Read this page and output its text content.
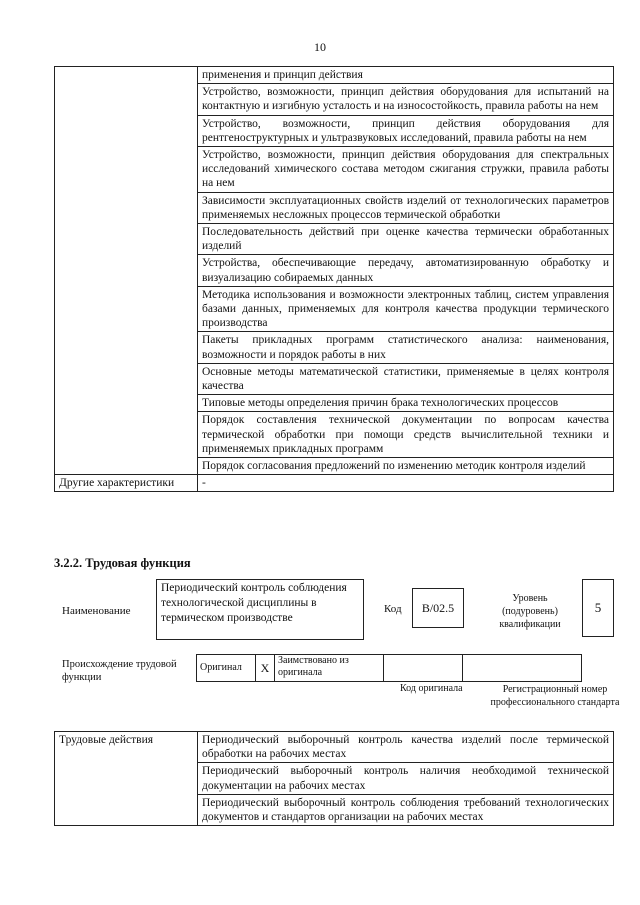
10
	применения и принцип действия
	Устройство, возможности, принцип действия оборудования для испытаний на контактную и изгибную усталость и на износостойкость, правила работы на нем
	Устройство, возможности, принцип действия оборудования для рентгеноструктурных и ультразвуковых исследований, правила работы на нем
	Устройство, возможности, принцип действия оборудования для спектральных исследований химического состава методом сжигания стружки, правила работы на нем
	Зависимости эксплуатационных свойств изделий от технологических параметров применяемых несложных процессов термической обработки
	Последовательность действий при оценке качества термически обработанных изделий
	Устройства, обеспечивающие передачу, автоматизированную обработку и визуализацию собираемых данных
	Методика использования и возможности электронных таблиц, систем управления базами данных, применяемых для контроля качества продукции термического производства
	Пакеты прикладных программ статистического анализа: наименования, возможности и порядок работы в них
	Основные методы математической статистики, применяемые в целях контроля качества
	Типовые методы определения причин брака технологических процессов
	Порядок составления технической документации по вопросам качества термической обработки при помощи средств вычислительной техники и применяемых прикладных программ
	Порядок согласования предложений по изменению методик контроля изделий
Другие характеристики	-
3.2.2. Трудовая функция
Наименование
Периодический контроль соблюдения технологической дисциплины в термическом производстве
Код	В/02.5
Уровень (подуровень) квалификации
5
Происхождение трудовой функции
Оригинал	X	Заимствовано из оригинала		
Код оригинала	Регистрационный номер профессионального стандарта
Трудовые действия	Периодический выборочный контроль качества изделий после термической обработки на рабочих местах
Периодический выборочный контроль наличия необходимой технической документации на рабочих местах
Периодический выборочный контроль соблюдения требований технологических документов и стандартов организации на рабочих местах
